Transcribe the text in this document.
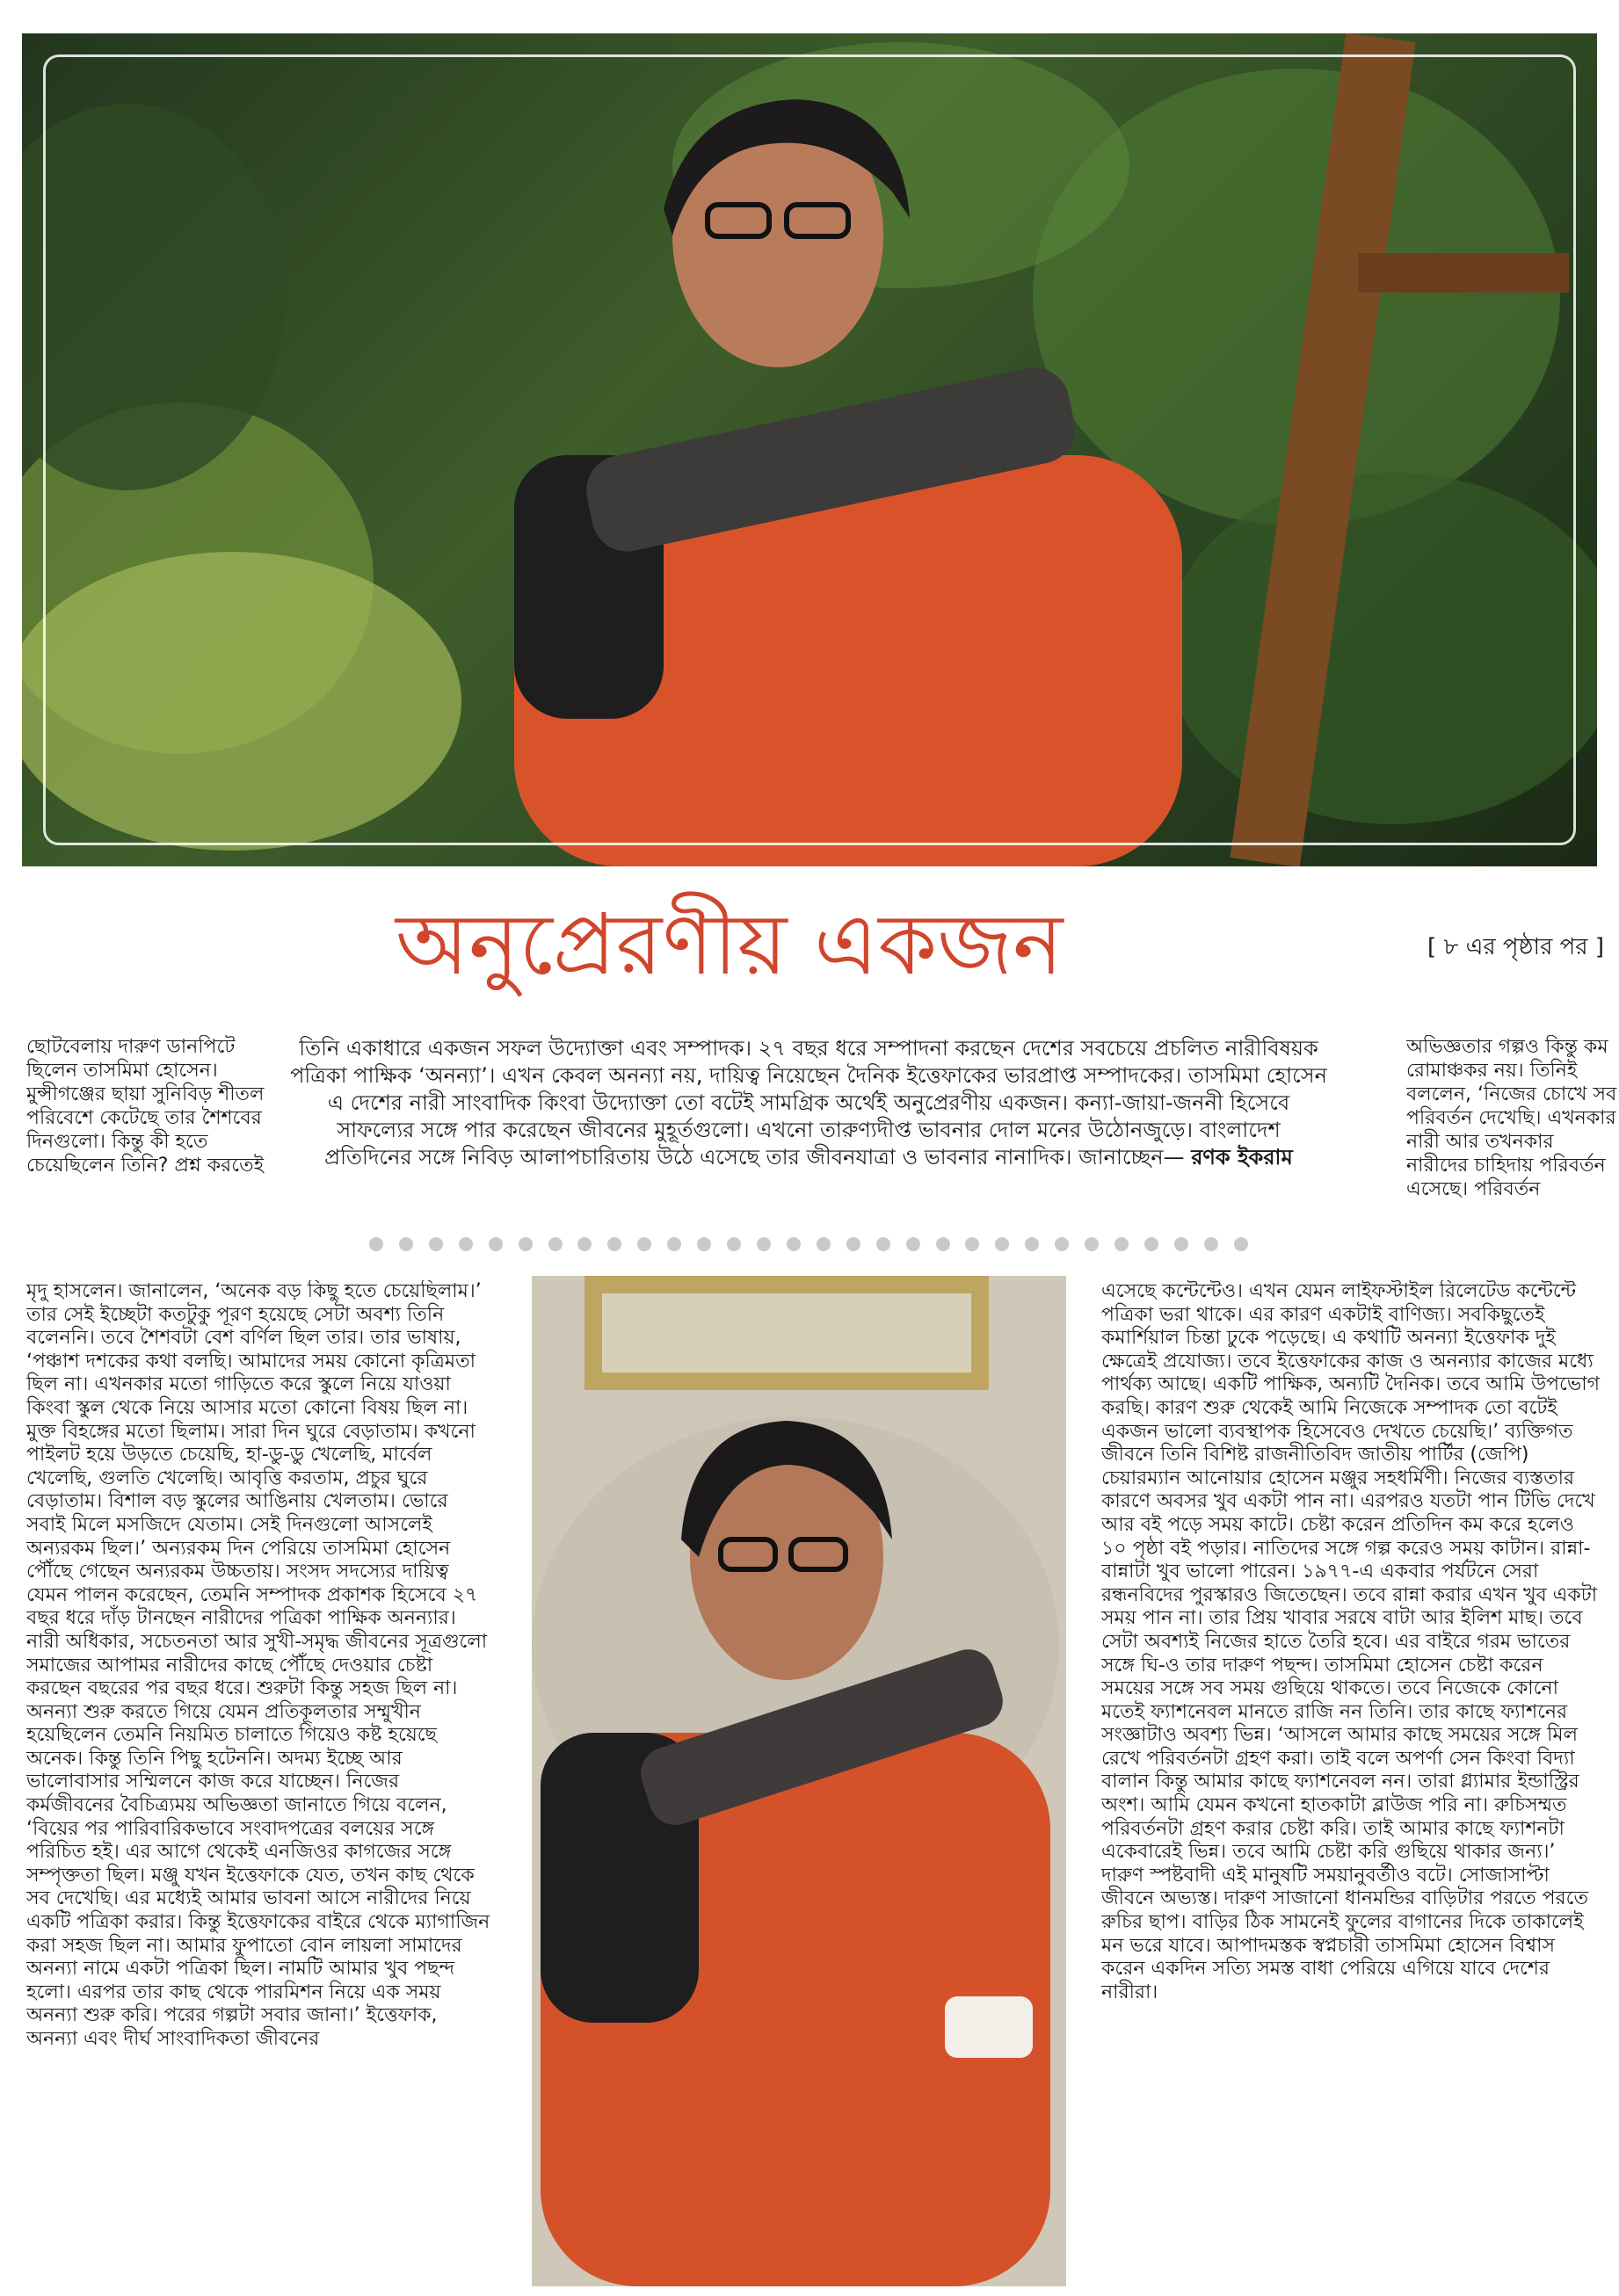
অনুপ্রেরণীয় একজন	[ ৮ এর পৃষ্ঠার পর ]

ছোটবেলায় দারুণ ডানপিটে ছিলেন তাসমিমা হোসেন। মুন্সীগঞ্জের ছায়া সুনিবিড় শীতল পরিবেশে কেটেছে তার শৈশবের দিনগুলো। কিন্তু কী হতে চেয়েছিলেন তিনি? প্রশ্ন করতেই

তিনি একাধারে একজন সফল উদ্যোক্তা এবং সম্পাদক। ২৭ বছর ধরে সম্পাদনা করছেন দেশের সবচেয়ে প্রচলিত নারীবিষয়ক পত্রিকা পাক্ষিক ‘অনন্যা’। এখন কেবল অনন্যা নয়, দায়িত্ব নিয়েছেন দৈনিক ইত্তেফাকের ভারপ্রাপ্ত সম্পাদকের। তাসমিমা হোসেন এ দেশের নারী সাংবাদিক কিংবা উদ্যোক্তা তো বটেই সামগ্রিক অর্থেই অনুপ্রেরণীয় একজন। কন্যা-জায়া-জননী হিসেবে সাফল্যের সঙ্গে পার করেছেন জীবনের মুহূর্তগুলো। এখনো তারুণ্যদীপ্ত ভাবনার দোল মনের উঠোনজুড়ে। বাংলাদেশ প্রতিদিনের সঙ্গে নিবিড় আলাপচারিতায় উঠে এসেছে তার জীবনযাত্রা ও ভাবনার নানাদিক। জানাচ্ছেন— রণক ইকরাম

অভিজ্ঞতার গল্পও কিন্তু কম রোমাঞ্চকর নয়। তিনিই বললেন, ‘নিজের চোখে সব পরিবর্তন দেখেছি। এখনকার নারী আর তখনকার নারীদের চাহিদায় পরিবর্তন এসেছে। পরিবর্তন

মৃদু হাসলেন। জানালেন, ‘অনেক বড় কিছু হতে চেয়েছিলাম।’ তার সেই ইচ্ছেটা কতটুকু পূরণ হয়েছে সেটা অবশ্য তিনি বলেননি। তবে শৈশবটা বেশ বর্ণিল ছিল তার। তার ভাষায়, ‘পঞ্চাশ দশকের কথা বলছি। আমাদের সময় কোনো কৃত্রিমতা ছিল না। এখনকার মতো গাড়িতে করে স্কুলে নিয়ে যাওয়া কিংবা স্কুল থেকে নিয়ে আসার মতো কোনো বিষয় ছিল না। মুক্ত বিহঙ্গের মতো ছিলাম। সারা দিন ঘুরে বেড়াতাম। কখনো পাইলট হয়ে উড়তে চেয়েছি, হা-ডু-ডু খেলেছি, মার্বেল খেলেছি, গুলতি খেলেছি। আবৃত্তি করতাম, প্রচুর ঘুরে বেড়াতাম। বিশাল বড় স্কুলের আঙিনায় খেলতাম। ভোরে সবাই মিলে মসজিদে যেতাম। সেই দিনগুলো আসলেই অন্যরকম ছিল।’ অন্যরকম দিন পেরিয়ে তাসমিমা হোসেন পৌঁছে গেছেন অন্যরকম উচ্চতায়। সংসদ সদস্যের দায়িত্ব যেমন পালন করেছেন, তেমনি সম্পাদক প্রকাশক হিসেবে ২৭ বছর ধরে দাঁড় টানছেন নারীদের পত্রিকা পাক্ষিক অনন্যার। নারী অধিকার, সচেতনতা আর সুখী-সমৃদ্ধ জীবনের সূত্রগুলো সমাজের আপামর নারীদের কাছে পৌঁছে দেওয়ার চেষ্টা করছেন বছরের পর বছর ধরে। শুরুটা কিন্তু সহজ ছিল না। অনন্যা শুরু করতে গিয়ে যেমন প্রতিকূলতার সম্মুখীন হয়েছিলেন তেমনি নিয়মিত চালাতে গিয়েও কষ্ট হয়েছে অনেক। কিন্তু তিনি পিছু হটেননি। অদম্য ইচ্ছে আর ভালোবাসার সম্মিলনে কাজ করে যাচ্ছেন। নিজের কর্মজীবনের বৈচিত্র্যময় অভিজ্ঞতা জানাতে গিয়ে বলেন, ‘বিয়ের পর পারিবারিকভাবে সংবাদপত্রের বলয়ের সঙ্গে পরিচিত হই। এর আগে থেকেই এনজিওর কাগজের সঙ্গে সম্পৃক্ততা ছিল। মঞ্জু যখন ইত্তেফাকে যেত, তখন কাছ থেকে সব দেখেছি। এর মধ্যেই আমার ভাবনা আসে নারীদের নিয়ে একটি পত্রিকা করার। কিন্তু ইত্তেফাকের বাইরে থেকে ম্যাগাজিন করা সহজ ছিল না। আমার ফুপাতো বোন লায়লা সামাদের অনন্যা নামে একটা পত্রিকা ছিল। নামটি আমার খুব পছন্দ হলো। এরপর তার কাছ থেকে পারমিশন নিয়ে এক সময় অনন্যা শুরু করি। পরের গল্পটা সবার জানা।’ ইত্তেফাক, অনন্যা এবং দীর্ঘ সাংবাদিকতা জীবনের

এসেছে কন্টেন্টেও। এখন যেমন লাইফস্টাইল রিলেটেড কন্টেন্টে পত্রিকা ভরা থাকে। এর কারণ একটাই বাণিজ্য। সবকিছুতেই কমার্শিয়াল চিন্তা ঢুকে পড়েছে। এ কথাটি অনন্যা ইত্তেফাক দুই ক্ষেত্রেই প্রযোজ্য। তবে ইত্তেফাকের কাজ ও অনন্যার কাজের মধ্যে পার্থক্য আছে। একটি পাক্ষিক, অন্যটি দৈনিক। তবে আমি উপভোগ করছি। কারণ শুরু থেকেই আমি নিজেকে সম্পাদক তো বটেই একজন ভালো ব্যবস্থাপক হিসেবেও দেখতে চেয়েছি।’ ব্যক্তিগত জীবনে তিনি বিশিষ্ট রাজনীতিবিদ জাতীয় পার্টির (জেপি) চেয়ারম্যান আনোয়ার হোসেন মঞ্জুর সহধর্মিণী। নিজের ব্যস্ততার কারণে অবসর খুব একটা পান না। এরপরও যতটা পান টিভি দেখে আর বই পড়ে সময় কাটে। চেষ্টা করেন প্রতিদিন কম করে হলেও ১০ পৃষ্ঠা বই পড়ার। নাতিদের সঙ্গে গল্প করেও সময় কাটান। রান্না-বান্নাটা খুব ভালো পারেন। ১৯৭৭-এ একবার পর্যটনে সেরা রন্ধনবিদের পুরস্কারও জিতেছেন। তবে রান্না করার এখন খুব একটা সময় পান না। তার প্রিয় খাবার সরষে বাটা আর ইলিশ মাছ। তবে সেটা অবশ্যই নিজের হাতে তৈরি হবে। এর বাইরে গরম ভাতের সঙ্গে ঘি-ও তার দারুণ পছন্দ। তাসমিমা হোসেন চেষ্টা করেন সময়ের সঙ্গে সব সময় গুছিয়ে থাকতে। তবে নিজেকে কোনো মতেই ফ্যাশনেবল মানতে রাজি নন তিনি। তার কাছে ফ্যাশনের সংজ্ঞাটাও অবশ্য ভিন্ন। ‘আসলে আমার কাছে সময়ের সঙ্গে মিল রেখে পরিবর্তনটা গ্রহণ করা। তাই বলে অপর্ণা সেন কিংবা বিদ্যা বালান কিন্তু আমার কাছে ফ্যাশনেবল নন। তারা গ্ল্যামার ইন্ডাস্ট্রির অংশ। আমি যেমন কখনো হাতকাটা ব্লাউজ পরি না। রুচিসম্মত পরিবর্তনটা গ্রহণ করার চেষ্টা করি। তাই আমার কাছে ফ্যাশনটা একেবারেই ভিন্ন। তবে আমি চেষ্টা করি গুছিয়ে থাকার জন্য।’ দারুণ স্পষ্টবাদী এই মানুষটি সময়ানুবর্তীও বটে। সোজাসাপ্টা জীবনে অভ্যস্ত। দারুণ সাজানো ধানমন্ডির বাড়িটার পরতে পরতে রুচির ছাপ। বাড়ির ঠিক সামনেই ফুলের বাগানের দিকে তাকালেই মন ভরে যাবে। আপাদমস্তক স্বপ্নচারী তাসমিমা হোসেন বিশ্বাস করেন একদিন সত্যি সমস্ত বাধা পেরিয়ে এগিয়ে যাবে দেশের নারীরা।
